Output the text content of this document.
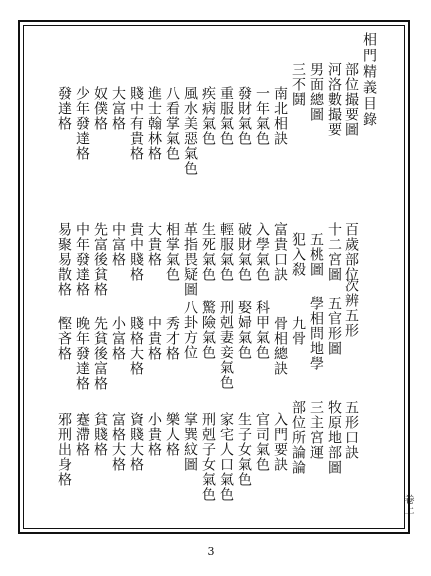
相門精義目錄
部位撮要圖
百歲部位
次辨五形
五形口訣
河洛數撮要
十二宮圖
五官形圖
牧原地部圖
男面總圖
五桃圖
學相問地學
三主宮運
三不鬪
犯入殺
九骨
部位所論論
南北相訣
富貴口訣
骨相總訣
入門要訣
一年氣色
入學氣色
科甲氣色
官司氣色
發財氣色
破財氣色
娶婦氣色
生子女氣色
重服氣色
輕服氣色
刑剋妻妾氣色
家宅人口氣色
疾病氣色
生死氣色
驚險氣色
刑剋子女氣色
風水美惡氣色
革指畏疑圖
八卦方位
掌巽紋圖
八看掌氣色
相掌氣色
秀才格
樂人格
進士翰林格
大貴格
中貴格
小貴格
賤中有貴格
貴中賤格
賤格大格
資賤大格
大富格
中富格
小富格
富格大格
奴僕格
先富後貧格
先貧後富格
貧賤格
少年發達格
中年發達格
晚年發達格
蹇滯格
發達格
易聚易散格
慳吝格
邪刑出身格
卷上
3
